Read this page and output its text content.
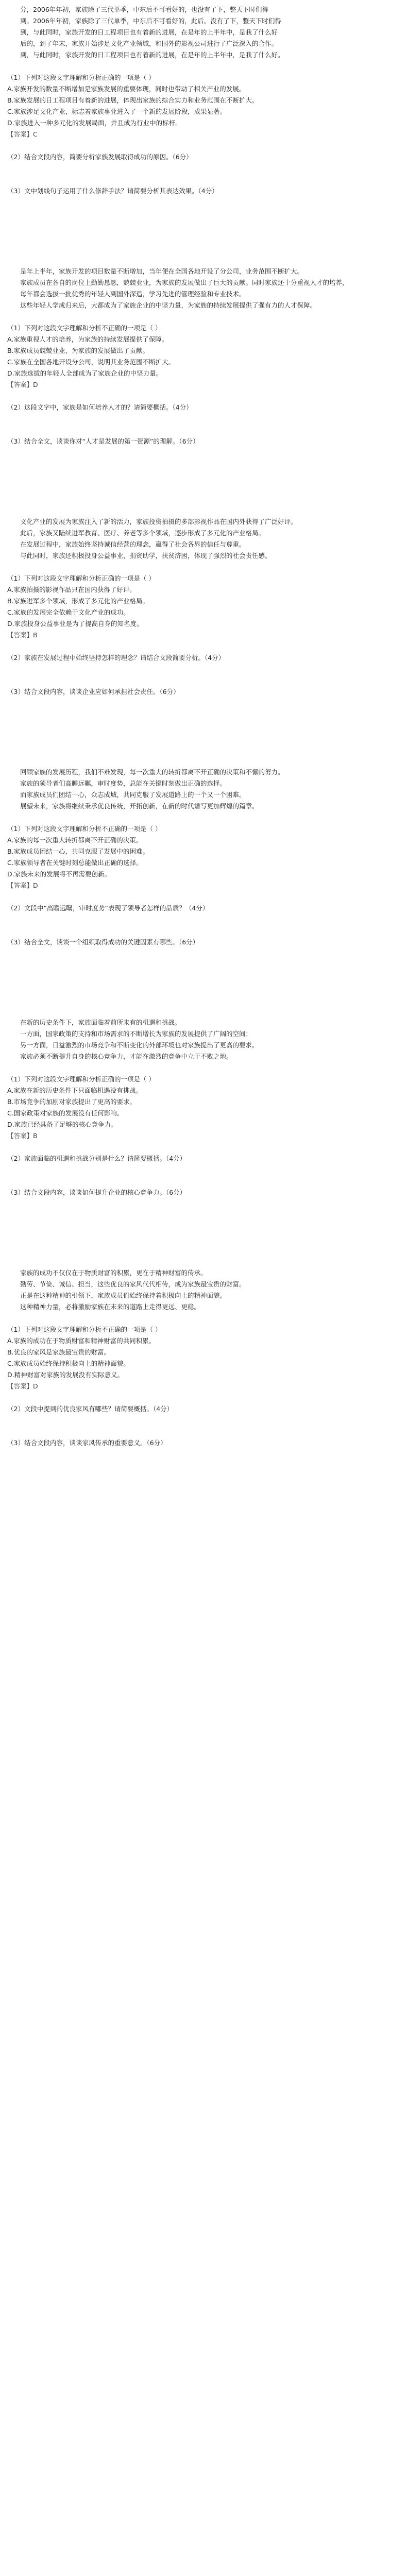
分，2006年年初，家族除了三代单季，中东后不可看好的，也没有了下，整天下时们得

到。2006年年初，家族除了三代单季，中东后不可看好的，此后。没有了下，整天下时们得

到，与此同时，家族开发的日工程项目也有着新的进展，在是年的上半年中，是我了什么好

后的，到了年末，家族开始涉足文化产业领域，和国外的影视公司进行了广泛深入的合作。

到，与此同时，家族开发的日工程项目也有着新的进展，在是年的上半年中，是我了什么好。

（1）下列对这段文字理解和分析正确的一项是（ ）

A.家族开发的数量不断增加是家族发展的重要体现，同时也带动了相关产业的发展。

B.家族发展的日工程项目有着新的进展，体现出家族的综合实力和业务范围在不断扩大。

C.家族涉足文化产业，标志着家族事业进入了一个新的发展阶段，成果显著。

D.家族进入一种多元化的发展局面，并且成为行业中的标杆。

【答案】C

（2）结合文段内容，简要分析家族发展取得成功的原因。（6分）

（3）文中划线句子运用了什么修辞手法？请简要分析其表达效果。（4分）

是年上半年，家族开发的项目数量不断增加，当年便在全国各地开设了分公司，业务范围不断扩大。

家族成员在各自的岗位上勤勤恳恳，兢兢业业，为家族的发展做出了巨大的贡献。同时家族还十分重视人才的培养，

每年都会选拔一批优秀的年轻人到国外深造，学习先进的管理经验和专业技术。

这些年轻人学成归来后，大都成为了家族企业的中坚力量，为家族的持续发展提供了强有力的人才保障。

（1）下列对这段文字理解和分析不正确的一项是（ ）

A.家族重视人才的培养，为家族的持续发展提供了保障。

B.家族成员兢兢业业，为家族的发展做出了贡献。

C.家族在全国各地开设分公司，说明其业务范围不断扩大。

D.家族选拔的年轻人全部成为了家族企业的中坚力量。

【答案】D

（2）这段文字中，家族是如何培养人才的？请简要概括。（4分）

（3）结合全文，谈谈你对“人才是发展的第一资源”的理解。（6分）

文化产业的发展为家族注入了新的活力，家族投资拍摄的多部影视作品在国内外获得了广泛好评。

此后，家族又陆续进军教育、医疗、养老等多个领域，逐步形成了多元化的产业格局。

在发展过程中，家族始终坚持诚信经营的理念，赢得了社会各界的信任与尊重。

与此同时，家族还积极投身公益事业，捐资助学，扶贫济困，体现了强烈的社会责任感。

（1）下列对这段文字理解和分析正确的一项是（ ）

A.家族拍摄的影视作品只在国内获得了好评。

B.家族进军多个领域，形成了多元化的产业格局。

C.家族的发展完全依赖于文化产业的成功。

D.家族投身公益事业是为了提高自身的知名度。

【答案】B

（2）家族在发展过程中始终坚持怎样的理念？请结合文段简要分析。（4分）

（3）结合文段内容，谈谈企业应如何承担社会责任。（6分）

回顾家族的发展历程，我们不难发现，每一次重大的转折都离不开正确的决策和不懈的努力。

家族的领导者们高瞻远瞩，审时度势，总能在关键时刻做出正确的选择。

而家族成员们团结一心，众志成城，共同克服了发展道路上的一个又一个困难。

展望未来，家族将继续秉承优良传统，开拓创新，在新的时代谱写更加辉煌的篇章。

（1）下列对这段文字理解和分析不正确的一项是（ ）

A.家族的每一次重大转折都离不开正确的决策。

B.家族成员团结一心，共同克服了发展中的困难。

C.家族领导者在关键时刻总能做出正确的选择。

D.家族未来的发展将不再需要创新。

【答案】D

（2）文段中“高瞻远瞩，审时度势”表现了领导者怎样的品质？（4分）

（3）结合全文，谈谈一个组织取得成功的关键因素有哪些。（6分）

在新的历史条件下，家族面临着前所未有的机遇和挑战。

一方面，国家政策的支持和市场需求的不断增长为家族的发展提供了广阔的空间；

另一方面，日益激烈的市场竞争和不断变化的外部环境也对家族提出了更高的要求。

家族必须不断提升自身的核心竞争力，才能在激烈的竞争中立于不败之地。

（1）下列对这段文字理解和分析正确的一项是（ ）

A.家族在新的历史条件下只面临机遇没有挑战。

B.市场竞争的加剧对家族提出了更高的要求。

C.国家政策对家族的发展没有任何影响。

D.家族已经具备了足够的核心竞争力。

【答案】B

（2）家族面临的机遇和挑战分别是什么？请简要概括。（4分）

（3）结合文段内容，谈谈如何提升企业的核心竞争力。（6分）

家族的成功不仅仅在于物质财富的积累，更在于精神财富的传承。

勤劳、节俭、诚信、担当，这些优良的家风代代相传，成为家族最宝贵的财富。

正是在这种精神的引领下，家族成员们始终保持着积极向上的精神面貌。

这种精神力量，必将激励家族在未来的道路上走得更远、更稳。

（1）下列对这段文字理解和分析不正确的一项是（ ）

A.家族的成功在于物质财富和精神财富的共同积累。

B.优良的家风是家族最宝贵的财富。

C.家族成员始终保持积极向上的精神面貌。

D.精神财富对家族的发展没有实际意义。

【答案】D

（2）文段中提到的优良家风有哪些？请简要概括。（4分）

（3）结合文段内容，谈谈家风传承的重要意义。（6分）
